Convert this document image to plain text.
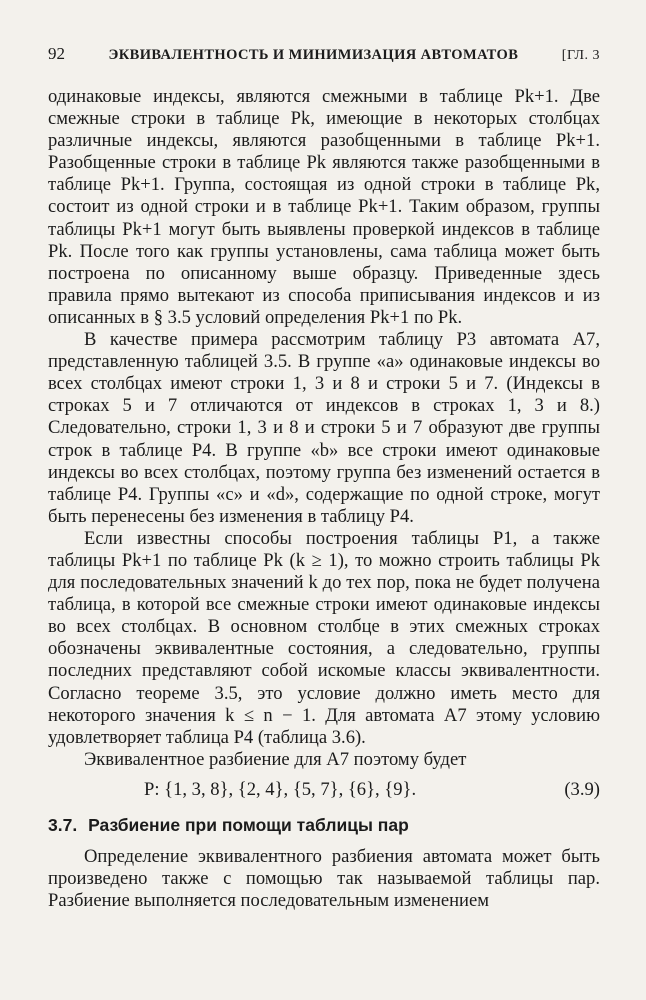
92	ЭКВИВАЛЕНТНОСТЬ И МИНИМИЗАЦИЯ АВТОМАТОВ	[ГЛ. 3

одинаковые индексы, являются смежными в таблице Pk+1. Две смежные строки в таблице Pk, имеющие в некоторых столбцах различные индексы, являются разобщенными в таблице Pk+1. Разобщенные строки в таблице Pk являются также разобщенными в таблице Pk+1. Группа, состоящая из одной строки в таблице Pk, состоит из одной строки и в таблице Pk+1. Таким образом, группы таблицы Pk+1 могут быть выявлены проверкой индексов в таблице Pk. После того как группы установлены, сама таблица может быть построена по описанному выше образцу. Приведенные здесь правила прямо вытекают из способа приписывания индексов и из описанных в § 3.5 условий определения Pk+1 по Pk.

В качестве примера рассмотрим таблицу P3 автомата A7, представленную таблицей 3.5. В группе «a» одинаковые индексы во всех столбцах имеют строки 1, 3 и 8 и строки 5 и 7. (Индексы в строках 5 и 7 отличаются от индексов в строках 1, 3 и 8.) Следовательно, строки 1, 3 и 8 и строки 5 и 7 образуют две группы строк в таблице P4. В группе «b» все строки имеют одинаковые индексы во всех столбцах, поэтому группа без изменений остается в таблице P4. Группы «c» и «d», содержащие по одной строке, могут быть перенесены без изменения в таблицу P4.

Если известны способы построения таблицы P1, а также таблицы Pk+1 по таблице Pk (k ≥ 1), то можно строить таблицы Pk для последовательных значений k до тех пор, пока не будет получена таблица, в которой все смежные строки имеют одинаковые индексы во всех столбцах. В основном столбце в этих смежных строках обозначены эквивалентные состояния, а следовательно, группы последних представляют собой искомые классы эквивалентности. Согласно теореме 3.5, это условие должно иметь место для некоторого значения k ≤ n − 1. Для автомата A7 этому условию удовлетворяет таблица P4 (таблица 3.6).

Эквивалентное разбиение для A7 поэтому будет

P: {1, 3, 8}, {2, 4}, {5, 7}, {6}, {9}.	(3.9)
3.7. Разбиение при помощи таблицы пар

Определение эквивалентного разбиения автомата может быть произведено также с помощью так называемой таблицы пар. Разбиение выполняется последовательным изменением
